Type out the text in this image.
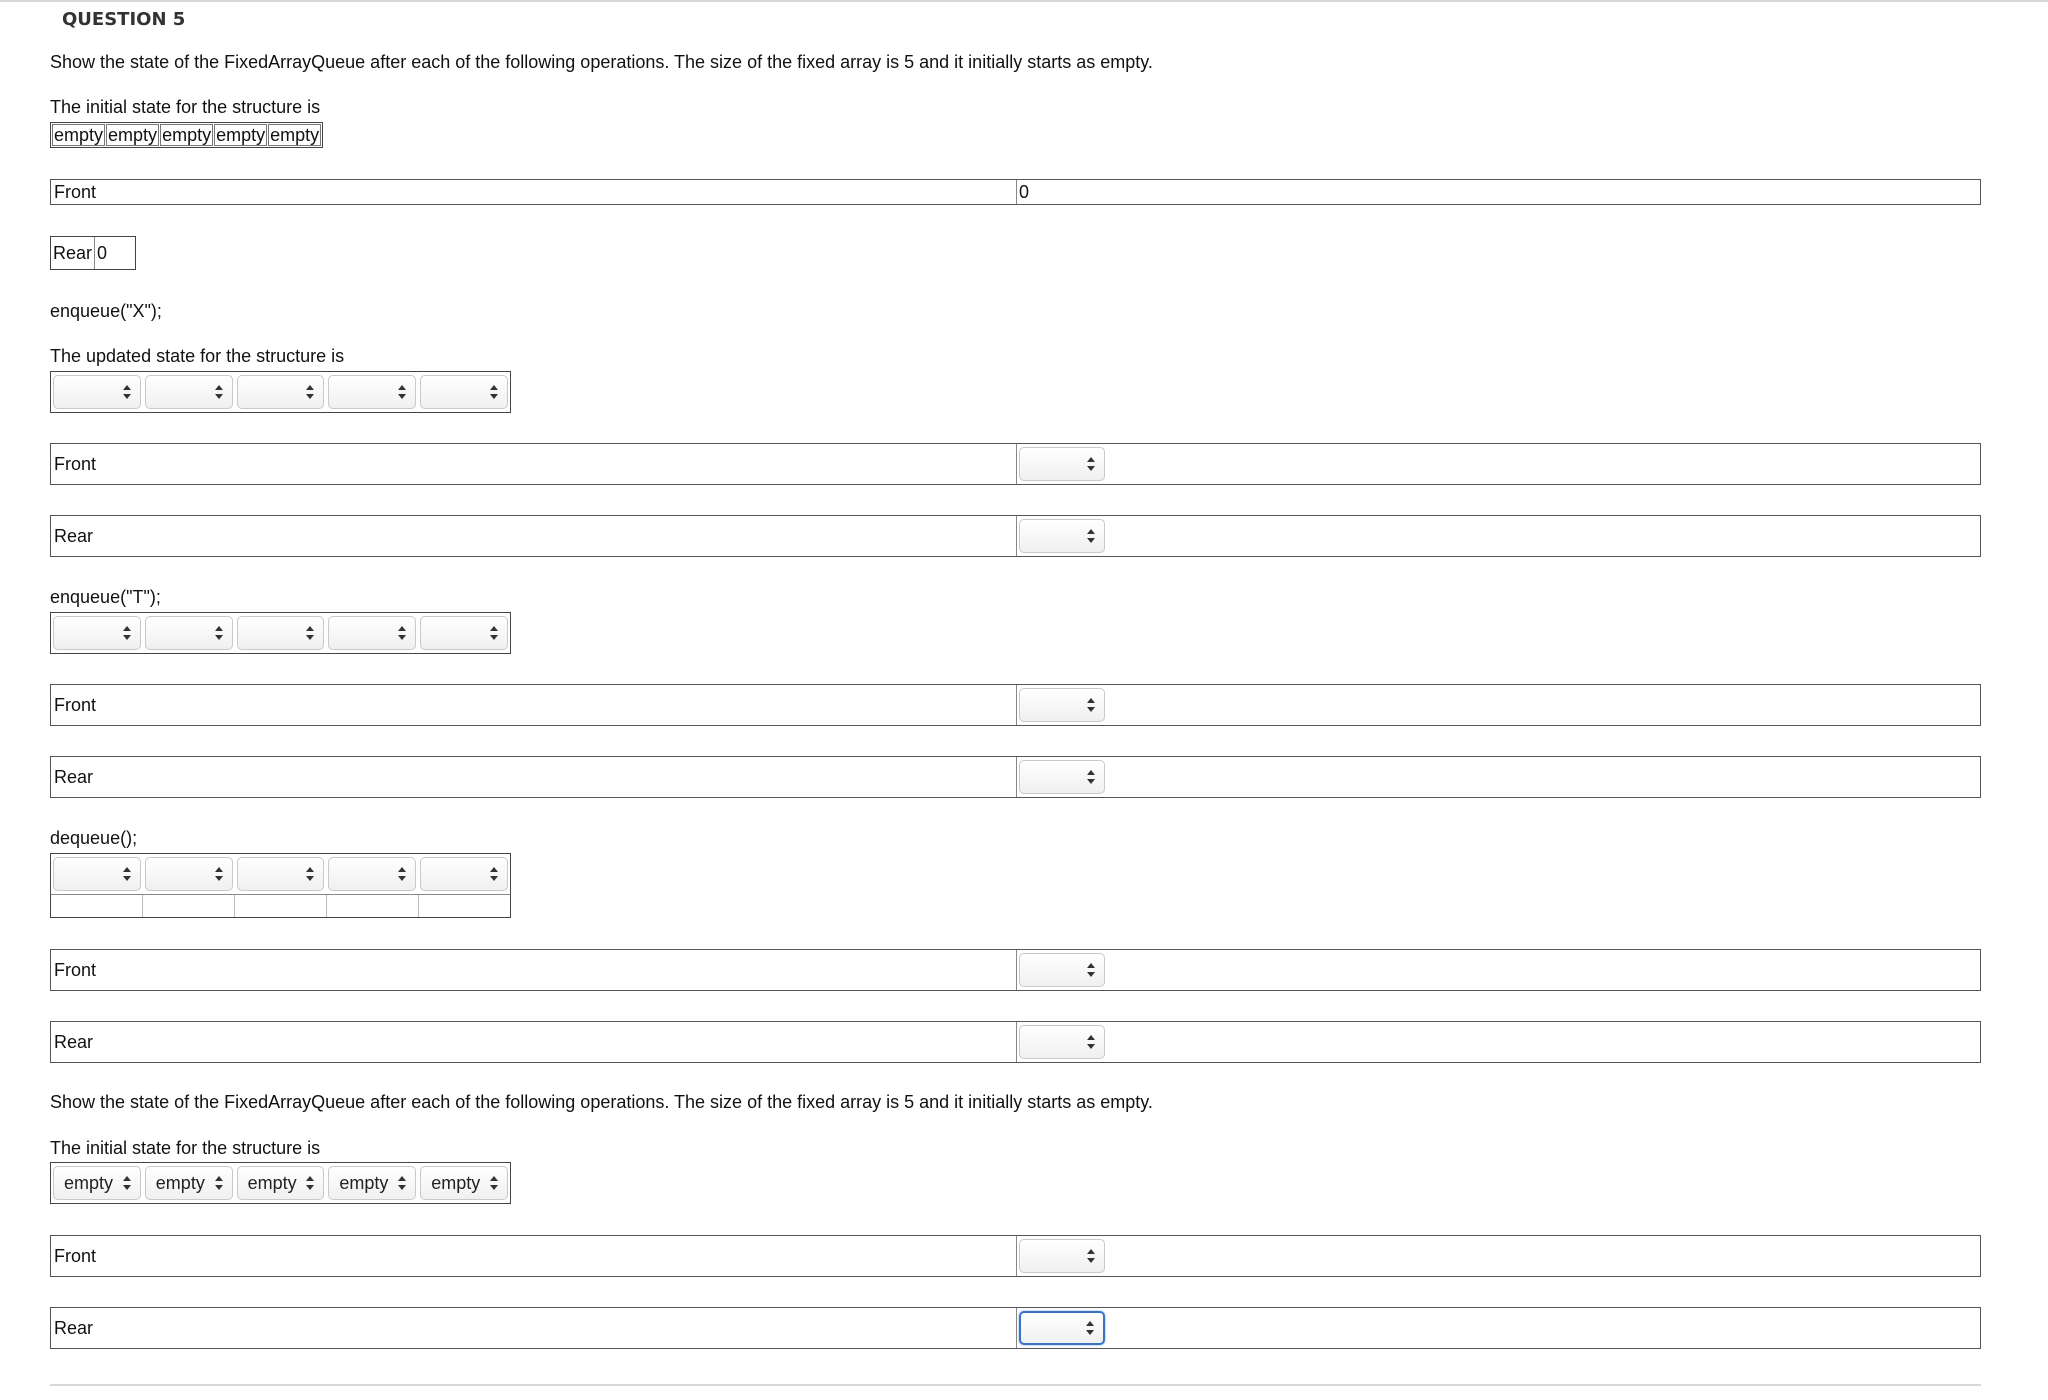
QUESTION 5
Show the state of the FixedArrayQueue after each of the following operations. The size of the fixed array is 5 and it initially starts as empty.
The initial state for the structure is
empty	empty	empty	empty	empty
Front	0
Rear 0
enqueue("X");
The updated state for the structure is
Front
Rear
enqueue("T");
Front
Rear
dequeue();
Front
Rear
Show the state of the FixedArrayQueue after each of the following operations. The size of the fixed array is 5 and it initially starts as empty.
The initial state for the structure is
empty empty empty empty empty
Front
Rear
